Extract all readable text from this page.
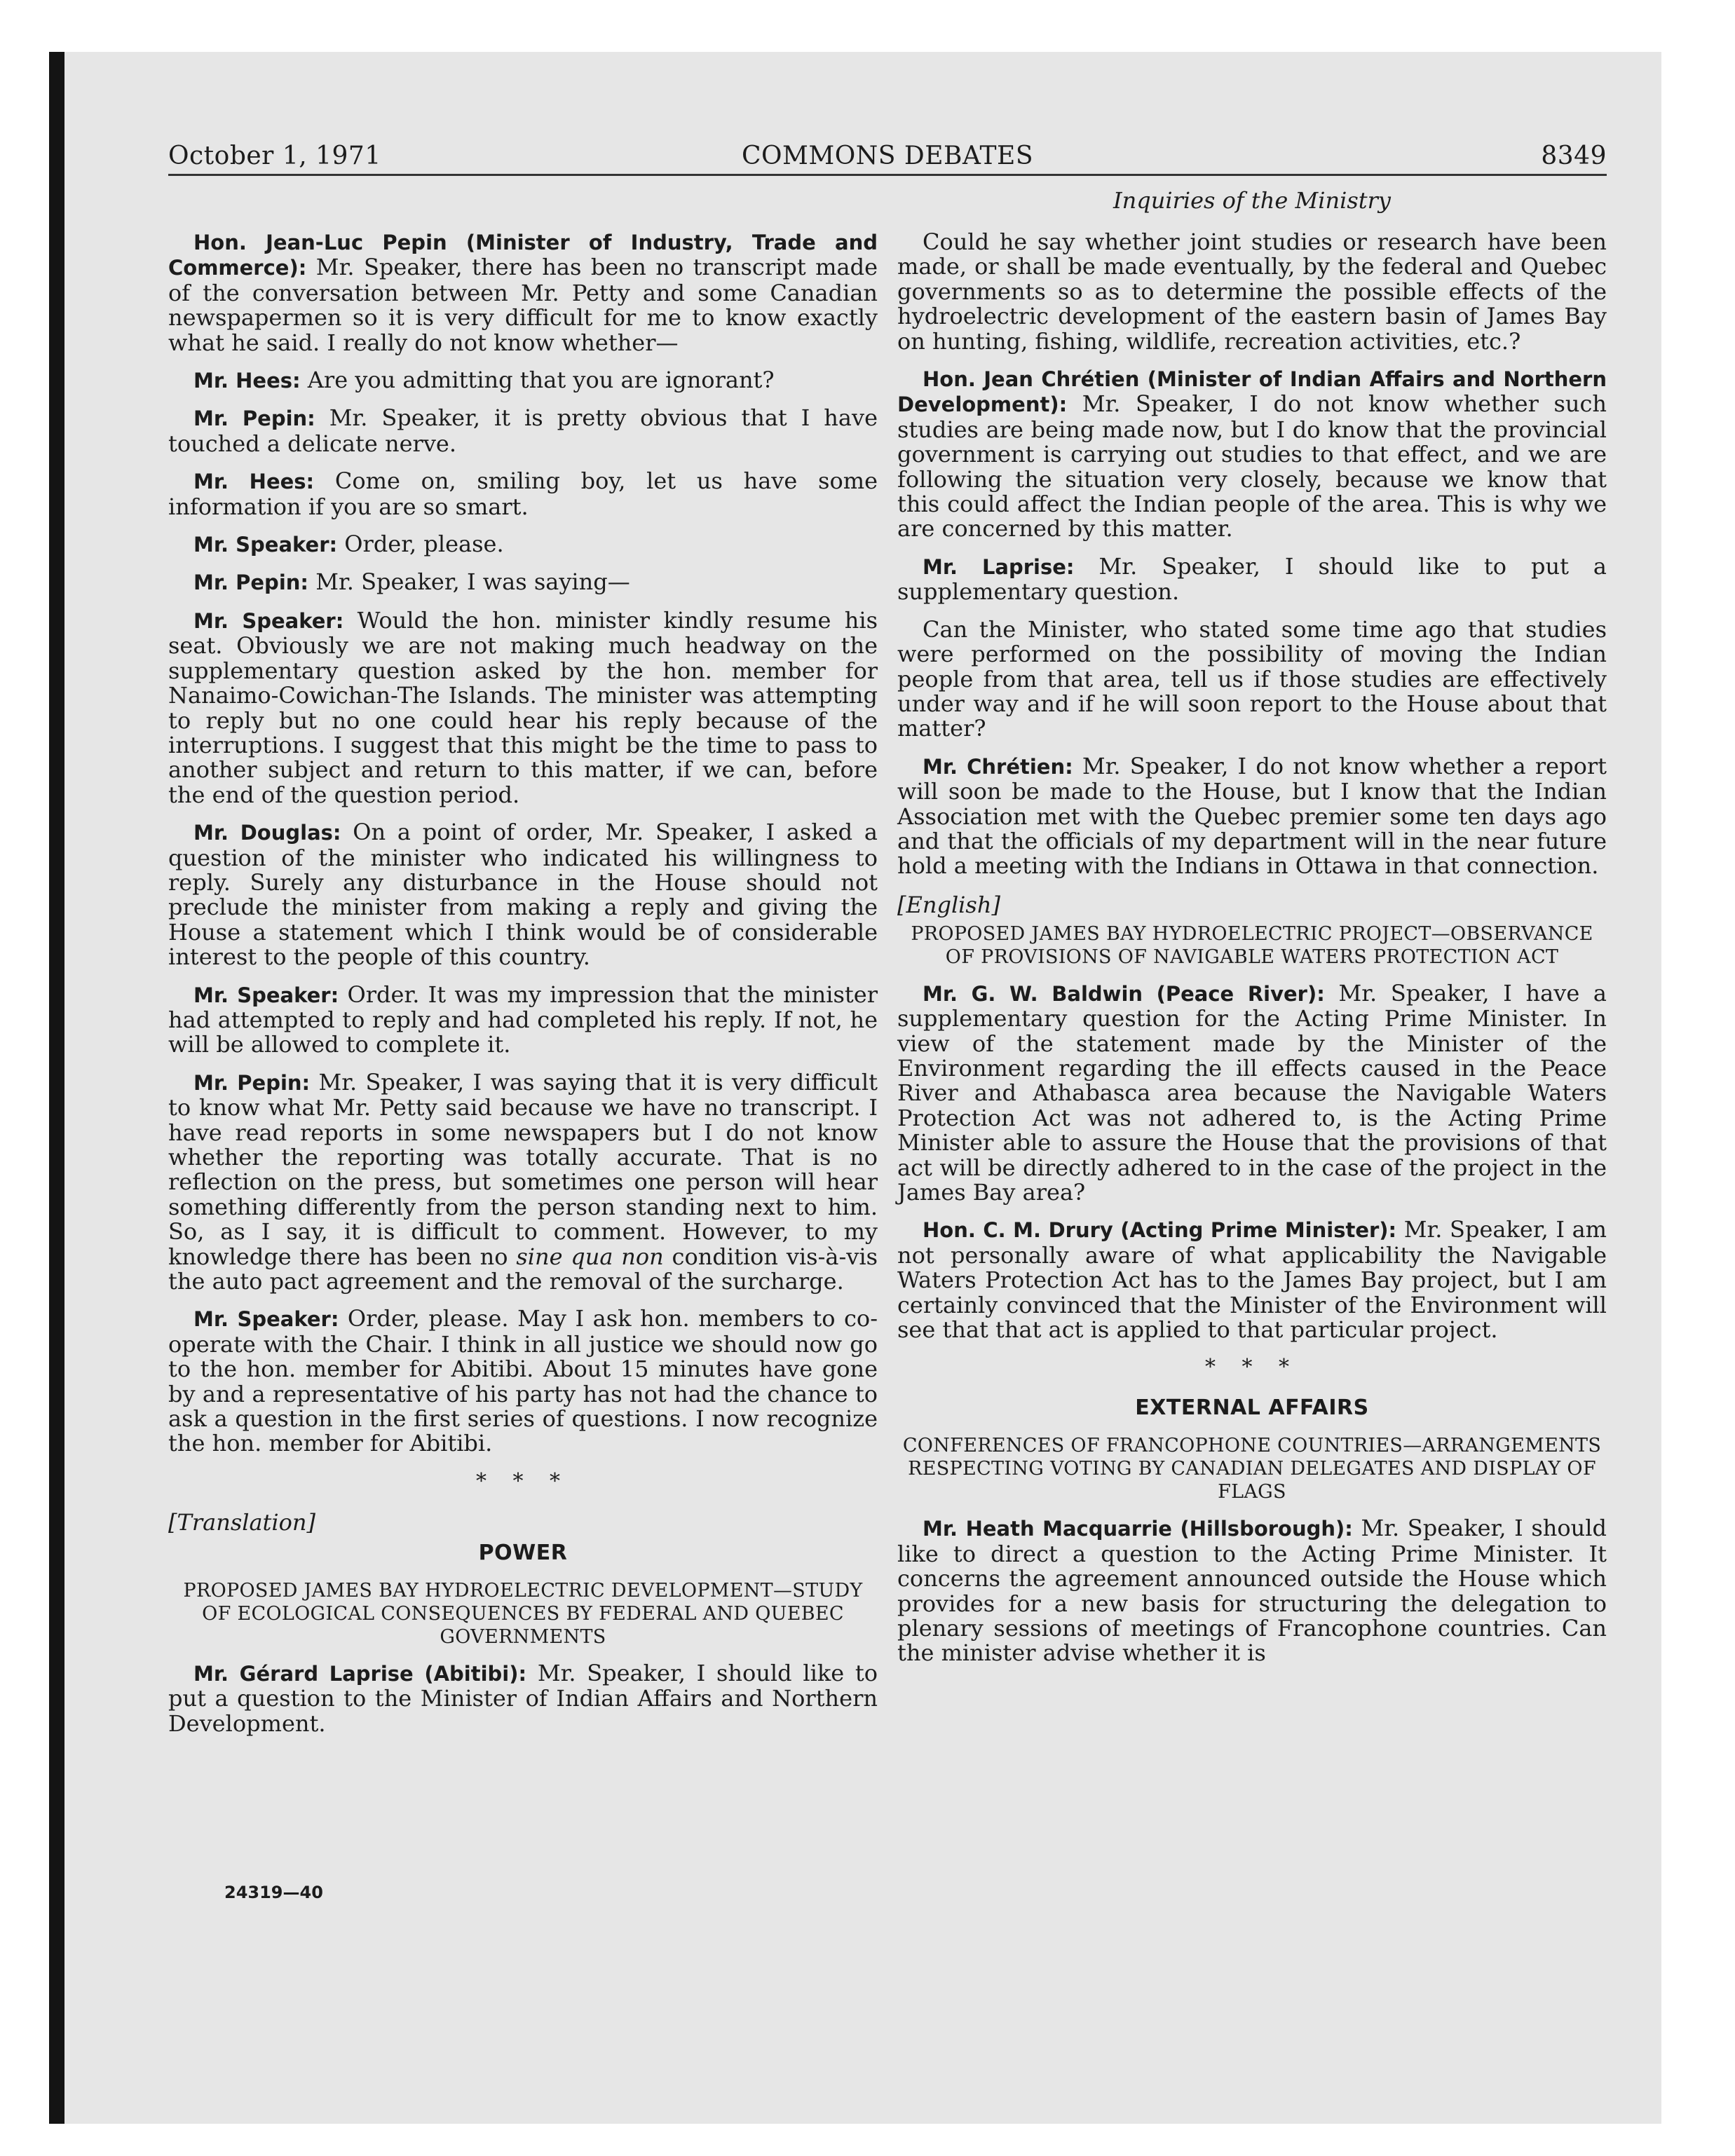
October 1, 1971	COMMONS DEBATES	8349
Inquiries of the Ministry

Hon. Jean-Luc Pepin (Minister of Industry, Trade and Commerce): Mr. Speaker, there has been no transcript made of the conversation between Mr. Petty and some Canadian newspapermen so it is very difficult for me to know exactly what he said. I really do not know whether—

Mr. Hees: Are you admitting that you are ignorant?

Mr. Pepin: Mr. Speaker, it is pretty obvious that I have touched a delicate nerve.

Mr. Hees: Come on, smiling boy, let us have some information if you are so smart.

Mr. Speaker: Order, please.

Mr. Pepin: Mr. Speaker, I was saying—

Mr. Speaker: Would the hon. minister kindly resume his seat. Obviously we are not making much headway on the supplementary question asked by the hon. member for Nanaimo-Cowichan-The Islands. The minister was attempting to reply but no one could hear his reply because of the interruptions. I suggest that this might be the time to pass to another subject and return to this matter, if we can, before the end of the question period.

Mr. Douglas: On a point of order, Mr. Speaker, I asked a question of the minister who indicated his willingness to reply. Surely any disturbance in the House should not preclude the minister from making a reply and giving the House a statement which I think would be of considerable interest to the people of this country.

Mr. Speaker: Order. It was my impression that the minister had attempted to reply and had completed his reply. If not, he will be allowed to complete it.

Mr. Pepin: Mr. Speaker, I was saying that it is very difficult to know what Mr. Petty said because we have no transcript. I have read reports in some newspapers but I do not know whether the reporting was totally accurate. That is no reflection on the press, but sometimes one person will hear something differently from the person standing next to him. So, as I say, it is difficult to comment. However, to my knowledge there has been no sine qua non condition vis-à-vis the auto pact agreement and the removal of the surcharge.

Mr. Speaker: Order, please. May I ask hon. members to co-operate with the Chair. I think in all justice we should now go to the hon. member for Abitibi. About 15 minutes have gone by and a representative of his party has not had the chance to ask a question in the first series of questions. I now recognize the hon. member for Abitibi.

* * *
[Translation]
POWER
PROPOSED JAMES BAY HYDROELECTRIC DEVELOPMENT—STUDY OF ECOLOGICAL CONSEQUENCES BY FEDERAL AND QUEBEC GOVERNMENTS

Mr. Gérard Laprise (Abitibi): Mr. Speaker, I should like to put a question to the Minister of Indian Affairs and Northern Development.

Could he say whether joint studies or research have been made, or shall be made eventually, by the federal and Quebec governments so as to determine the possible effects of the hydroelectric development of the eastern basin of James Bay on hunting, fishing, wildlife, recreation activities, etc.?

Hon. Jean Chrétien (Minister of Indian Affairs and Northern Development): Mr. Speaker, I do not know whether such studies are being made now, but I do know that the provincial government is carrying out studies to that effect, and we are following the situation very closely, because we know that this could affect the Indian people of the area. This is why we are concerned by this matter.

Mr. Laprise: Mr. Speaker, I should like to put a supplementary question.

Can the Minister, who stated some time ago that studies were performed on the possibility of moving the Indian people from that area, tell us if those studies are effectively under way and if he will soon report to the House about that matter?

Mr. Chrétien: Mr. Speaker, I do not know whether a report will soon be made to the House, but I know that the Indian Association met with the Quebec premier some ten days ago and that the officials of my department will in the near future hold a meeting with the Indians in Ottawa in that connection.

[English]
PROPOSED JAMES BAY HYDROELECTRIC PROJECT—OBSERVANCE OF PROVISIONS OF NAVIGABLE WATERS PROTECTION ACT

Mr. G. W. Baldwin (Peace River): Mr. Speaker, I have a supplementary question for the Acting Prime Minister. In view of the statement made by the Minister of the Environment regarding the ill effects caused in the Peace River and Athabasca area because the Navigable Waters Protection Act was not adhered to, is the Acting Prime Minister able to assure the House that the provisions of that act will be directly adhered to in the case of the project in the James Bay area?

Hon. C. M. Drury (Acting Prime Minister): Mr. Speaker, I am not personally aware of what applicability the Navigable Waters Protection Act has to the James Bay project, but I am certainly convinced that the Minister of the Environment will see that that act is applied to that particular project.

* * *
EXTERNAL AFFAIRS
CONFERENCES OF FRANCOPHONE COUNTRIES—ARRANGEMENTS RESPECTING VOTING BY CANADIAN DELEGATES AND DISPLAY OF FLAGS

Mr. Heath Macquarrie (Hillsborough): Mr. Speaker, I should like to direct a question to the Acting Prime Minister. It concerns the agreement announced outside the House which provides for a new basis for structuring the delegation to plenary sessions of meetings of Francophone countries. Can the minister advise whether it is

24319—40
